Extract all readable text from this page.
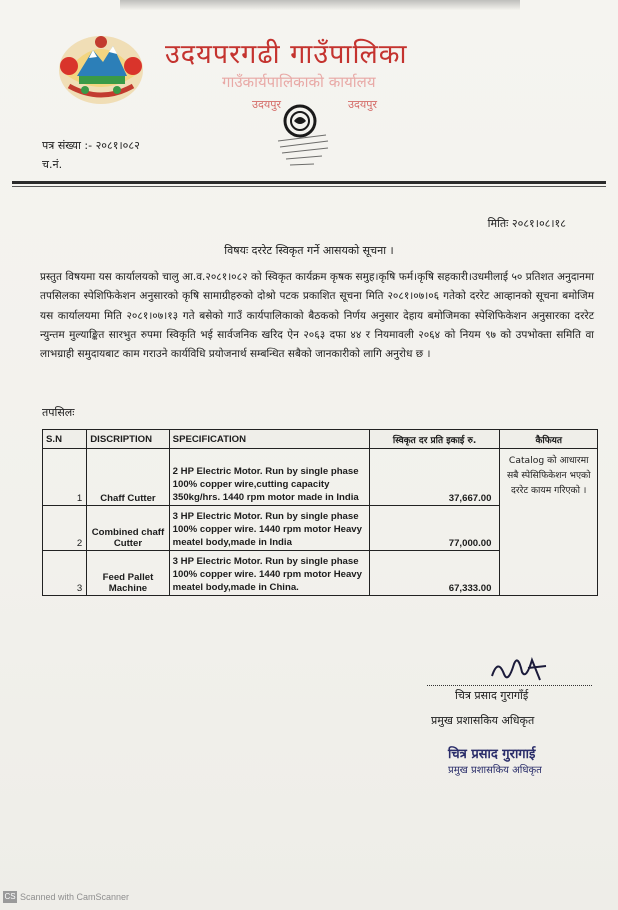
उदयपरगढी गाउँपालिका
गाउँकार्यपालिकाको कार्यालय
उदयपुर	उदयपुर
पत्र संख्या :- २०८१।०८२
च.नं.
मितिः २०८१।०८।१८
विषयः दररेट स्विकृत गर्ने आसयको सूचना ।
प्रस्तुत विषयमा यस कार्यालयको चालु आ.व.२०८१।०८२ को स्विकृत कार्यक्रम कृषक समुह।कृषि फर्म।कृषि सहकारी।उधमीलाई ५० प्रतिशत अनुदानमा तपसिलका स्पेशिफिकेशन अनुसारको कृषि सामाग्रीहरुको दोश्रो पटक प्रकाशित सूचना मिति २०८१।०७।०६ गतेको दररेट आव्हानको सूचना बमोजिम यस कार्यालयमा मिति २०८१।०७।१३ गते बसेको गाउँ कार्यपालिकाको बैठकको निर्णय अनुसार देहाय बमोजिमका स्पेशिफिकेशन अनुसारका दररेट न्युन्तम मुल्याङ्कित सारभुत रुपमा स्विकृति भई सार्वजनिक खरिद ऐन २०६३ दफा ४४ र नियमावली २०६४ को नियम ९७ को उपभोक्ता समिति वा लाभग्राही समुदायबाट काम गराउने कार्यविधि प्रयोजनार्थ सम्बन्धित सबैको जानकारीको लागि अनुरोध छ ।
तपसिलः
S.N	DISCRIPTION	SPECIFICATION	स्विकृत दर प्रति इकाई रु.	कैफियत
1	Chaff Cutter	2 HP Electric Motor. Run by single phase 100% copper wire,cutting capacity 350kg/hrs. 1440 rpm motor made in India	37,667.00	Catalog को आधारमा सबै स्पेसिफिकेशन भएको दररेट कायम गरिएको ।
2	Combined chaff Cutter	3 HP Electric Motor. Run by single phase 100% copper wire. 1440 rpm motor Heavy meatel body,made in India	77,000.00	
3	Feed Pallet Machine	3 HP Electric Motor. Run by single phase 100% copper wire. 1440 rpm motor Heavy meatel body,made in China.	67,333.00	
चित्र प्रसाद गुरागाँई
प्रमुख प्रशासकिय अधिकृत
चित्र प्रसाद गुरागाई
प्रमुख प्रशासकिय अधिकृत
CS Scanned with CamScanner
